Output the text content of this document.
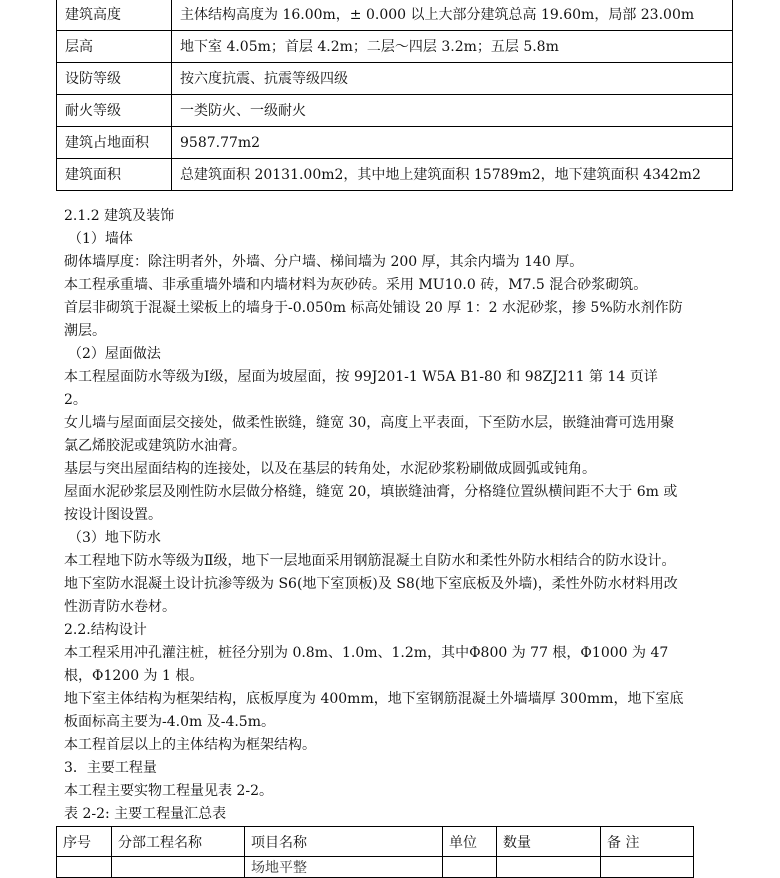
建筑高度	主体结构高度为 16.00m，± 0.000 以上大部分建筑总高 19.60m，局部 23.00m
层高	地下室 4.05m；首层 4.2m；二层～四层 3.2m；五层 5.8m
设防等级	按六度抗震、抗震等级四级
耐火等级	一类防火、一级耐火
建筑占地面积	9587.77m2
建筑面积	总建筑面积 20131.00m2，其中地上建筑面积 15789m2，地下建筑面积 4342m2

2.1.2 建筑及装饰

（1）墙体

砌体墙厚度：除注明者外，外墙、分户墙、梯间墙为 200 厚，其余内墙为 140 厚。

本工程承重墙、非承重墙外墙和内墙材料为灰砂砖。采用 MU10.0 砖，M7.5 混合砂浆砌筑。

首层非砌筑于混凝土梁板上的墙身于-0.050m 标高处铺设 20 厚 1：2 水泥砂浆，掺 5%防水剂作防潮层。

（2）屋面做法

本工程屋面防水等级为Ⅰ级，屋面为坡屋面，按 99J201-1 W5A B1-80 和 98ZJ211 第 14 页详 2。

女儿墙与屋面面层交接处，做柔性嵌缝，缝宽 30，高度上平表面，下至防水层，嵌缝油膏可选用聚氯乙烯胶泥或建筑防水油膏。

基层与突出屋面结构的连接处，以及在基层的转角处，水泥砂浆粉刷做成圆弧或钝角。

屋面水泥砂浆层及刚性防水层做分格缝，缝宽 20，填嵌缝油膏，分格缝位置纵横间距不大于 6m 或按设计图设置。

（3）地下防水

本工程地下防水等级为Ⅱ级，地下一层地面采用钢筋混凝土自防水和柔性外防水相结合的防水设计。地下室防水混凝土设计抗渗等级为 S6(地下室顶板)及 S8(地下室底板及外墙)，柔性外防水材料用改性沥青防水卷材。

2.2.结构设计

本工程采用冲孔灌注桩，桩径分别为 0.8m、1.0m、1.2m，其中Φ800 为 77 根，Φ1000 为 47 根，Φ1200 为 1 根。

地下室主体结构为框架结构，底板厚度为 400mm，地下室钢筋混凝土外墙墙厚 300mm，地下室底板面标高主要为-4.0m 及-4.5m。

本工程首层以上的主体结构为框架结构。

3．主要工程量

本工程主要实物工程量见表 2-2。

表 2-2: 主要工程量汇总表

序号	分部工程名称	项目名称	单位	数量	备 注

		场地平整			
